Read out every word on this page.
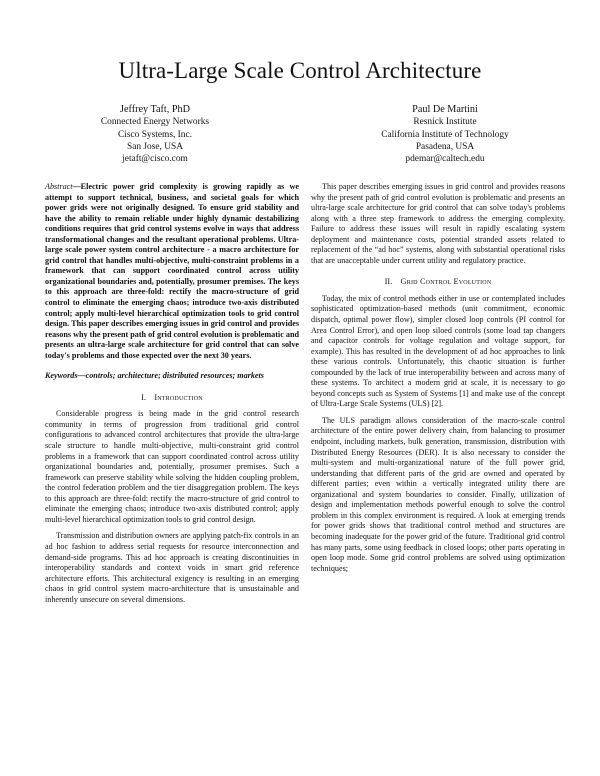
Ultra-Large Scale Control Architecture
Jeffrey Taft, PhD
Connected Energy Networks
Cisco Systems, Inc.
San Jose, USA
jetaft@cisco.com
Paul De Martini
Resnick Institute
California Institute of Technology
Pasadena, USA
pdemar@caltech.edu

Abstract—Electric power grid complexity is growing rapidly as we attempt to support technical, business, and societal goals for which power grids were not originally designed. To ensure grid stability and have the ability to remain reliable under highly dynamic destabilizing conditions requires that grid control systems evolve in ways that address transformational changes and the resultant operational problems. Ultra-large scale power system control architecture - a macro architecture for grid control that handles multi-objective, multi-constraint problems in a framework that can support coordinated control across utility organizational boundaries and, potentially, prosumer premises. The keys to this approach are three-fold: rectify the macro-structure of grid control to eliminate the emerging chaos; introduce two-axis distributed control; apply multi-level hierarchical optimization tools to grid control design. This paper describes emerging issues in grid control and provides reasons why the present path of grid control evolution is problematic and presents an ultra-large scale architecture for grid control that can solve today's problems and those expected over the next 30 years.

Keywords—controls; architecture; distributed resources; markets

I. Introduction

Considerable progress is being made in the grid control research community in terms of progression from traditional grid control configurations to advanced control architectures that provide the ultra-large scale structure to handle multi-objective, multi-constraint grid control problems in a framework that can support coordinated control across utility organizational boundaries and, potentially, prosumer premises. Such a framework can preserve stability while solving the hidden coupling problem, the control federation problem and the tier disaggregation problem. The keys to this approach are three-fold: rectify the macro-structure of grid control to eliminate the emerging chaos; introduce two-axis distributed control; apply multi-level hierarchical optimization tools to grid control design.

Transmission and distribution owners are applying patch-fix controls in an ad hoc fashion to address serial requests for resource interconnection and demand-side programs. This ad hoc approach is creating discontinuities in interoperability standards and context voids in smart grid reference architecture efforts. This architectural exigency is resulting in an emerging chaos in grid control system macro-architecture that is unsustainable and inherently unsecure on several dimensions.

This paper describes emerging issues in grid control and provides reasons why the present path of grid control evolution is problematic and presents an ultra-large scale architecture for grid control that can solve today's problems along with a three step framework to address the emerging complexity. Failure to address these issues will result in rapidly escalating system deployment and maintenance costs, potential stranded assets related to replacement of the “ad hoc” systems, along with substantial operational risks that are unacceptable under current utility and regulatory practice.

II. Grid Control Evolution

Today, the mix of control methods either in use or contemplated includes sophisticated optimization-based methods (unit commitment, economic dispatch, optimal power flow), simpler closed loop controls (PI control for Area Control Error), and open loop siloed controls (some load tap changers and capacitor controls for voltage regulation and voltage support, for example). This has resulted in the development of ad hoc approaches to link these various controls. Unfortunately, this chaotic situation is further compounded by the lack of true interoperability between and across many of these systems. To architect a modern grid at scale, it is necessary to go beyond concepts such as System of Systems [1] and make use of the concept of Ultra-Large Scale Systems (ULS) [2].

The ULS paradigm allows consideration of the macro-scale control architecture of the entire power delivery chain, from balancing to prosumer endpoint, including markets, bulk generation, transmission, distribution with Distributed Energy Resources (DER). It is also necessary to consider the multi-system and multi-organizational nature of the full power grid, understanding that different parts of the grid are owned and operated by different parties; even within a vertically integrated utility there are organizational and system boundaries to consider. Finally, utilization of design and implementation methods powerful enough to solve the control problem in this complex environment is required. A look at emerging trends for power grids shows that traditional control method and structures are becoming inadequate for the power grid of the future. Traditional grid control has many parts, some using feedback in closed loops; other parts operating in open loop mode. Some grid control problems are solved using optimization techniques;
